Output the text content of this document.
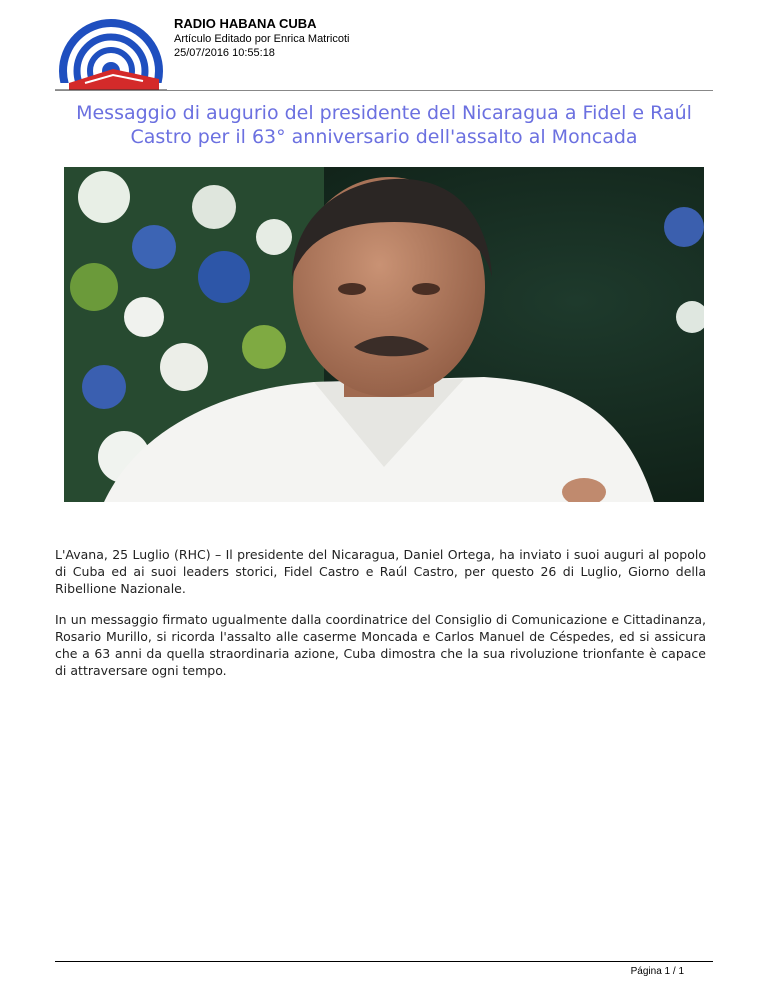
RADIO HABANA CUBA
Artículo Editado por Enrica Matricoti
25/07/2016 10:55:18
Messaggio di augurio del presidente del Nicaragua a Fidel e Raúl Castro per il 63° anniversario dell'assalto al Moncada

L'Avana, 25 Luglio (RHC) – Il presidente del Nicaragua, Daniel Ortega, ha inviato i suoi auguri al popolo di Cuba ed ai suoi leaders storici, Fidel Castro e Raúl Castro, per questo 26 di Luglio, Giorno della Ribellione Nazionale.

In un messaggio firmato ugualmente dalla coordinatrice del Consiglio di Comunicazione e Cittadinanza, Rosario Murillo, si ricorda l'assalto alle caserme Moncada e Carlos Manuel de Céspedes, ed si assicura che a 63 anni da quella straordinaria azione, Cuba dimostra che la sua rivoluzione trionfante è capace di attraversare ogni tempo.

Página 1 / 1
